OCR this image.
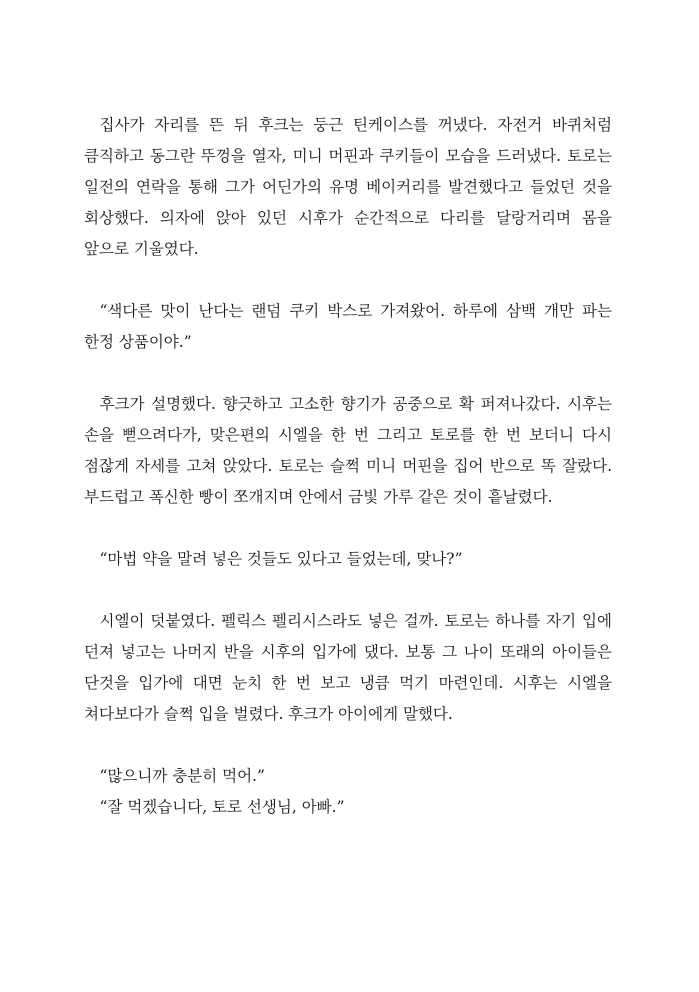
집사가 자리를 뜬 뒤 후크는 둥근 틴케이스를 꺼냈다. 자전거 바퀴처럼 큼직하고 동그란 뚜껑을 열자, 미니 머핀과 쿠키들이 모습을 드러냈다. 토로는 일전의 연락을 통해 그가 어딘가의 유명 베이커리를 발견했다고 들었던 것을 회상했다. 의자에 앉아 있던 시후가 순간적으로 다리를 달랑거리며 몸을 앞으로 기울였다.

“색다른 맛이 난다는 랜덤 쿠키 박스로 가져왔어. 하루에 삼백 개만 파는 한정 상품이야.”

후크가 설명했다. 향긋하고 고소한 향기가 공중으로 확 퍼져나갔다. 시후는 손을 뻗으려다가, 맞은편의 시엘을 한 번 그리고 토로를 한 번 보더니 다시 점잖게 자세를 고쳐 앉았다. 토로는 슬쩍 미니 머핀을 집어 반으로 똑 잘랐다. 부드럽고 폭신한 빵이 쪼개지며 안에서 금빛 가루 같은 것이 흩날렸다.

“마법 약을 말려 넣은 것들도 있다고 들었는데, 맞나?”

시엘이 덧붙였다. 펠릭스 펠리시스라도 넣은 걸까. 토로는 하나를 자기 입에 던져 넣고는 나머지 반을 시후의 입가에 댔다. 보통 그 나이 또래의 아이들은 단것을 입가에 대면 눈치 한 번 보고 냉큼 먹기 마련인데. 시후는 시엘을 쳐다보다가 슬쩍 입을 벌렸다. 후크가 아이에게 말했다.

“많으니까 충분히 먹어.”

“잘 먹겠습니다, 토로 선생님, 아빠.”
